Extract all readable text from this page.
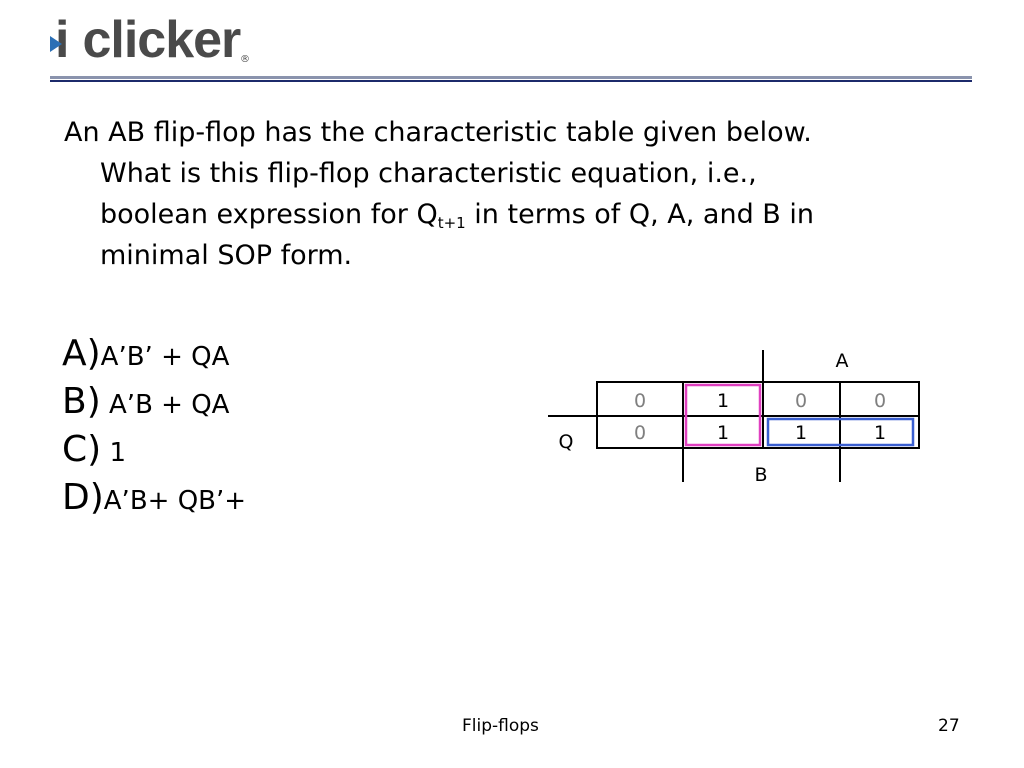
i clicker ®
An AB flip-flop has the characteristic table given below.
What is this flip-flop characteristic equation, i.e.,
boolean expression for $Q_{t+1}$ in terms of Q, A, and B in
minimal SOP form.
A)A’B’ + QA
B) A’B + QA
C) 1
D)A’B+ QB’+
A
B
Q
0	1	0	0
0	1	1	1
Flip-flops	27
